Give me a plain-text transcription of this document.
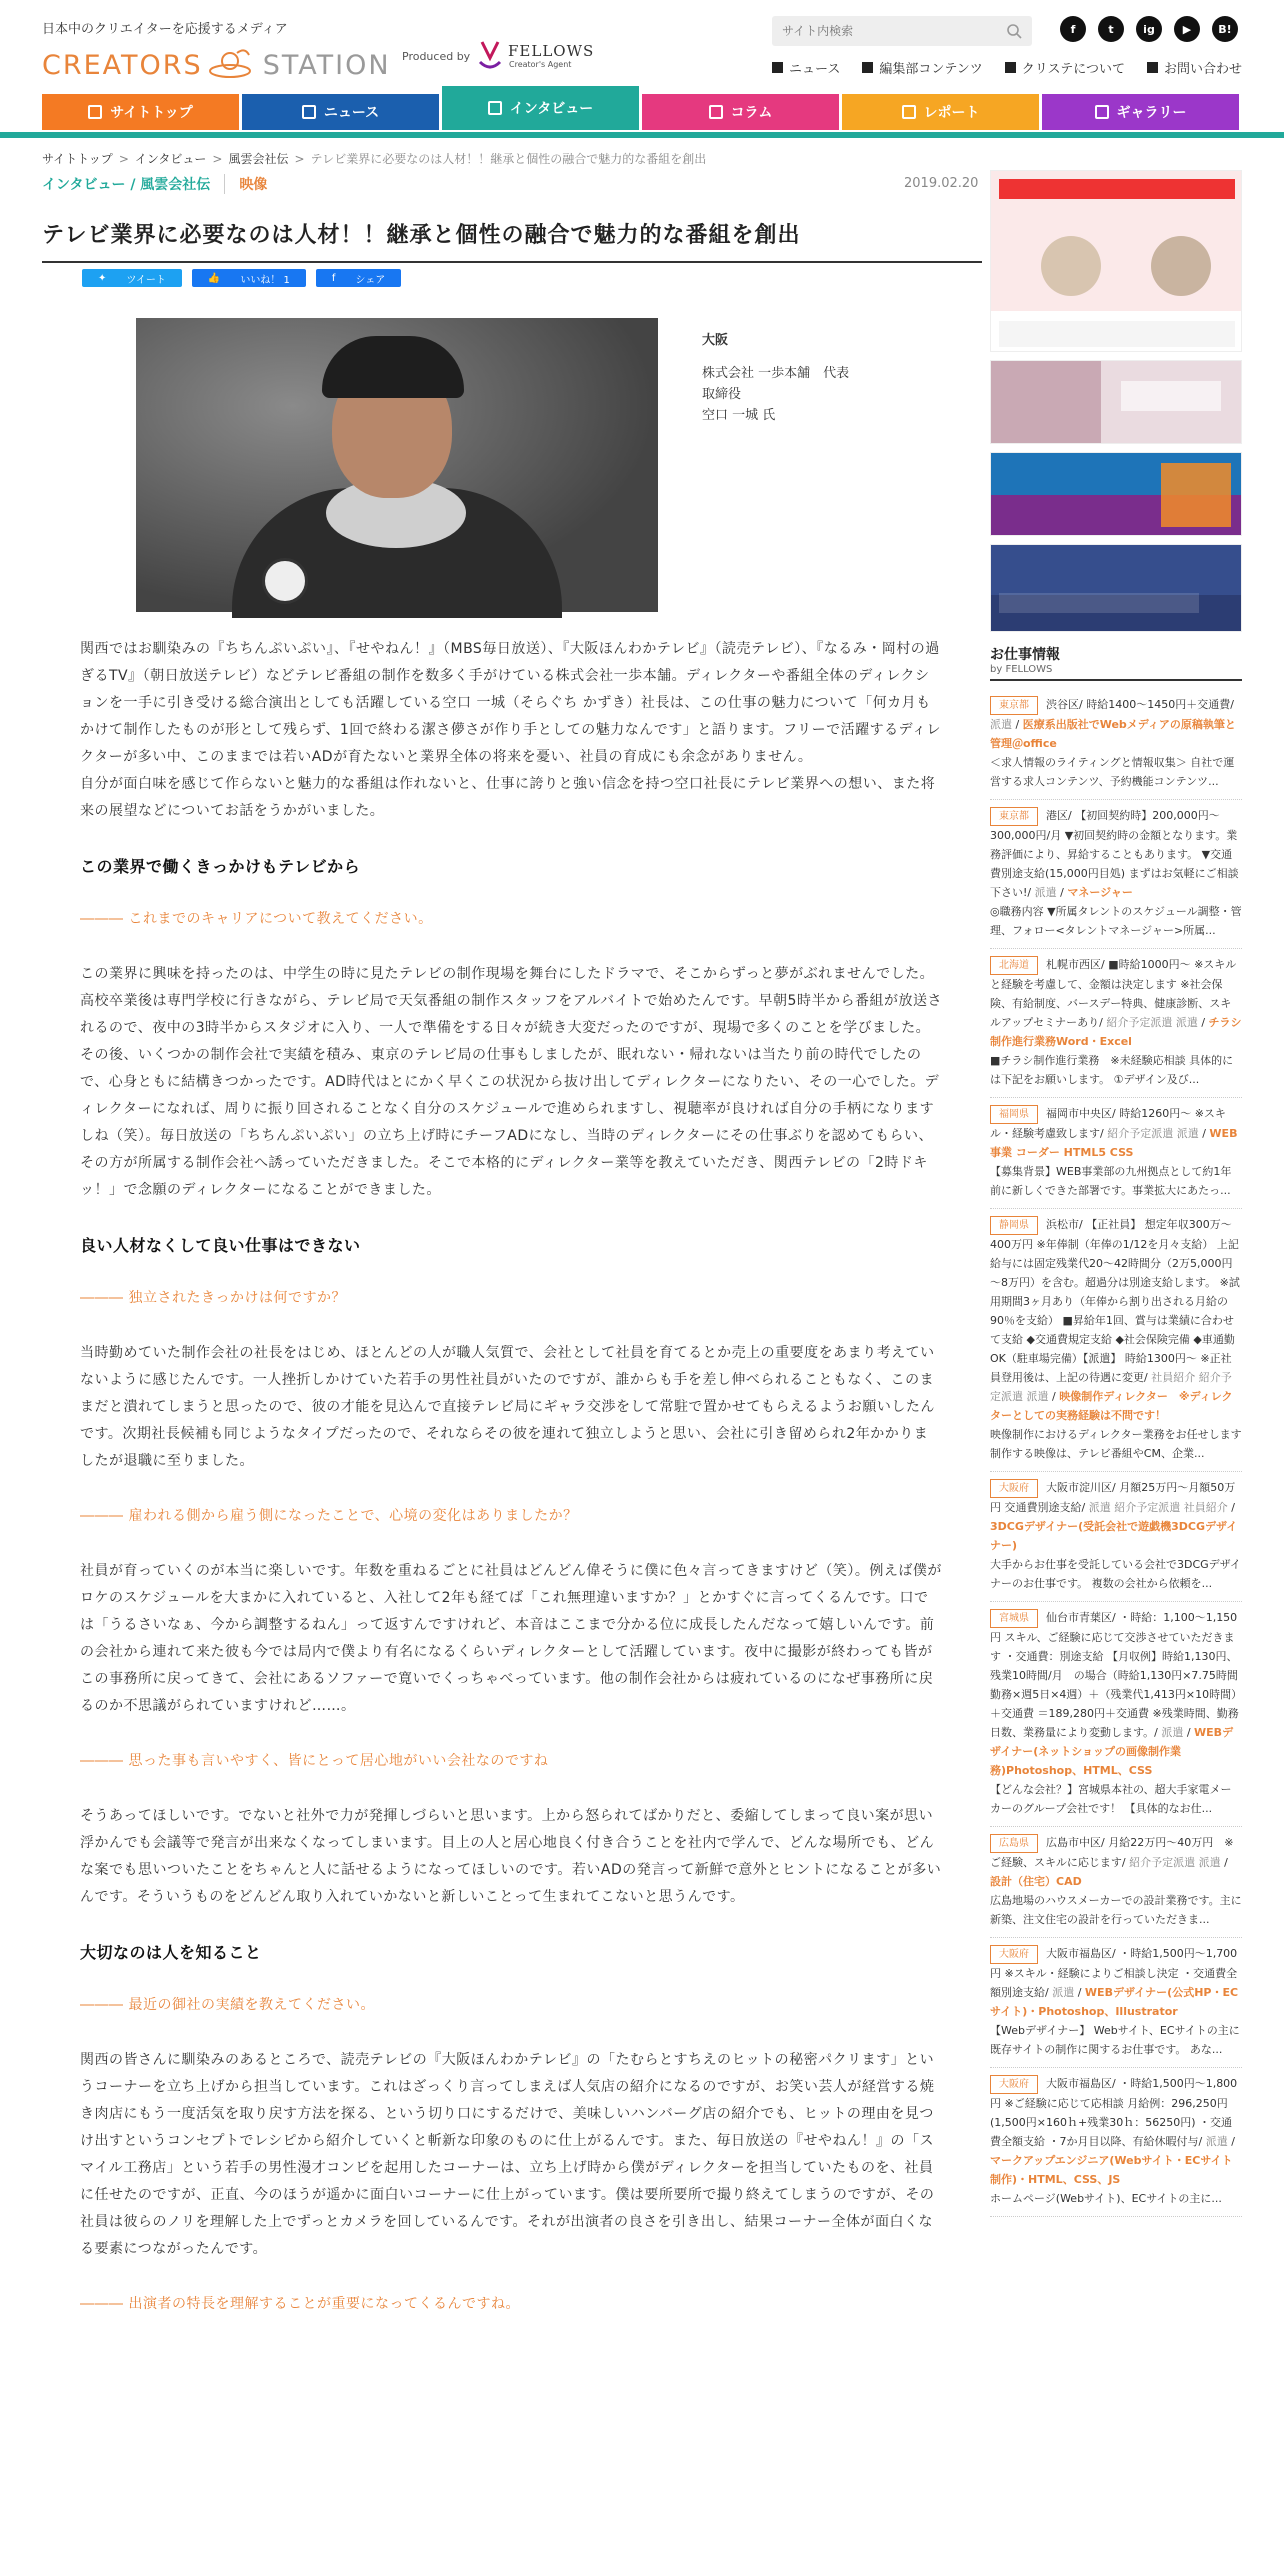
日本中のクリエイターを応援するメディア
CREATORS STATION Produced by	FELLOWS
Creator's Agent
サイト内検索
f	t	ig	▶	B!
ニュース	編集部コンテンツ	クリステについて	お問い合わせ
サイトトップ	ニュース	インタビュー	コラム	レポート	ギャラリー
サイトトップ > インタビュー > 風雲会社伝 > テレビ業界に必要なのは人材！！継承と個性の融合で魅力的な番組を創出
インタビュー / 風雲会社伝	映像	2019.02.20
テレビ業界に必要なのは人材！！継承と個性の融合で魅力的な番組を創出
✦	ツイート	👍	いいね！ 1	f	シェア
大阪
株式会社 一歩本舗　代表
取締役
空口 一城 氏

関西ではお馴染みの『ちちんぷいぷい』、『せやねん！』（MBS毎日放送）、『大阪ほんわかテレビ』（読売テレビ）、『なるみ・岡村の過ぎるTV』（朝日放送テレビ）などテレビ番組の制作を数多く手がけている株式会社一歩本舗。ディレクターや番組全体のディレクションを一手に引き受ける総合演出としても活躍している空口 一城（そらぐち かずき）社長は、この仕事の魅力について「何カ月もかけて制作したものが形として残らず、1回で終わる潔さ儚さが作り手としての魅力なんです」と語ります。フリーで活躍するディレクターが多い中、このままでは若いADが育たないと業界全体の将来を憂い、社員の育成にも余念がありません。

自分が面白味を感じて作らないと魅力的な番組は作れないと、仕事に誇りと強い信念を持つ空口社長にテレビ業界への想い、また将来の展望などについてお話をうかがいました。

この業界で働くきっかけもテレビから

――― これまでのキャリアについて教えてください。

この業界に興味を持ったのは、中学生の時に見たテレビの制作現場を舞台にしたドラマで、そこからずっと夢がぶれませんでした。高校卒業後は専門学校に行きながら、テレビ局で天気番組の制作スタッフをアルバイトで始めたんです。早朝5時半から番組が放送されるので、夜中の3時半からスタジオに入り、一人で準備をする日々が続き大変だったのですが、現場で多くのことを学びました。その後、いくつかの制作会社で実績を積み、東京のテレビ局の仕事もしましたが、眠れない・帰れないは当たり前の時代でしたので、心身ともに結構きつかったです。AD時代はとにかく早くこの状況から抜け出してディレクターになりたい、その一心でした。ディレクターになれば、周りに振り回されることなく自分のスケジュールで進められますし、視聴率が良ければ自分の手柄になりますしね（笑）。毎日放送の「ちちんぷいぷい」の立ち上げ時にチーフADになし、当時のディレクターにその仕事ぶりを認めてもらい、その方が所属する制作会社へ誘っていただきました。そこで本格的にディレクター業等を教えていただき、関西テレビの「2時ドキッ！」で念願のディレクターになることができました。

良い人材なくして良い仕事はできない

――― 独立されたきっかけは何ですか？

当時勤めていた制作会社の社長をはじめ、ほとんどの人が職人気質で、会社として社員を育てるとか売上の重要度をあまり考えていないように感じたんです。一人挫折しかけていた若手の男性社員がいたのですが、誰からも手を差し伸べられることもなく、このままだと潰れてしまうと思ったので、彼の才能を見込んで直接テレビ局にギャラ交渉をして常駐で置かせてもらえるようお願いしたんです。次期社長候補も同じようなタイプだったので、それならその彼を連れて独立しようと思い、会社に引き留められ2年かかりましたが退職に至りました。

――― 雇われる側から雇う側になったことで、心境の変化はありましたか？

社員が育っていくのが本当に楽しいです。年数を重ねるごとに社員はどんどん偉そうに僕に色々言ってきますけど（笑）。例えば僕がロケのスケジュールを大まかに入れていると、入社して2年も経てば「これ無理違いますか？」とかすぐに言ってくるんです。口では「うるさいなぁ、今から調整するねん」って返すんですけれど、本音はここまで分かる位に成長したんだなって嬉しいんです。前の会社から連れて来た彼も今では局内で僕より有名になるくらいディレクターとして活躍しています。夜中に撮影が終わっても皆がこの事務所に戻ってきて、会社にあるソファーで寛いでくっちゃべっています。他の制作会社からは疲れているのになぜ事務所に戻るのか不思議がられていますけれど……。

――― 思った事も言いやすく、皆にとって居心地がいい会社なのですね

そうあってほしいです。でないと社外で力が発揮しづらいと思います。上から怒られてばかりだと、委縮してしまって良い案が思い浮かんでも会議等で発言が出来なくなってしまいます。目上の人と居心地良く付き合うことを社内で学んで、どんな場所でも、どんな案でも思いついたことをちゃんと人に話せるようになってほしいのです。若いADの発言って新鮮で意外とヒントになることが多いんです。そういうものをどんどん取り入れていかないと新しいことって生まれてこないと思うんです。

大切なのは人を知ること

――― 最近の御社の実績を教えてください。

関西の皆さんに馴染みのあるところで、読売テレビの『大阪ほんわかテレビ』の「たむらとすちえのヒットの秘密パクリます」というコーナーを立ち上げから担当しています。これはざっくり言ってしまえば人気店の紹介になるのですが、お笑い芸人が経営する焼き肉店にもう一度活気を取り戻す方法を探る、という切り口にするだけで、美味しいハンバーグ店の紹介でも、ヒットの理由を見つけ出すというコンセプトでレシピから紹介していくと斬新な印象のものに仕上がるんです。また、毎日放送の『せやねん！』の「スマイル工務店」という若手の男性漫才コンビを起用したコーナーは、立ち上げ時から僕がディレクターを担当していたものを、社員に任せたのですが、正直、今のほうが遥かに面白いコーナーに仕上がっています。僕は要所要所で撮り終えてしまうのですが、その社員は彼らのノリを理解した上でずっとカメラを回しているんです。それが出演者の良さを引き出し、結果コーナー全体が面白くなる要素につながったんです。

――― 出演者の特長を理解することが重要になってくるんですね。

お仕事情報
by FELLOWS
東京都 渋谷区/ 時給1400～1450円＋交通費/ 派遣 / 医療系出版社でWebメディアの原稿執筆と管理＠office
＜求人情報のライティングと情報収集＞ 自社で運営する求人コンテンツ、予約機能コンテンツ...
東京都 港区/ 【初回契約時】200,000円～300,000円/月 ▼初回契約時の金額となります。業務評価により、昇給することもあります。 ▼交通費別途支給(15,000円目処) まずはお気軽にご相談下さい!/ 派遣 / マネージャー
◎職務内容 ▼所属タレントのスケジュール調整・管理、フォロー<タレントマネージャー>所属...
北海道 札幌市西区/ ■時給1000円～ ※スキルと経験を考慮して、金額は決定します ※社会保険、有給制度、バースデー特典、健康診断、スキルアップセミナーあり/ 紹介予定派遣 派遣 / チラシ制作進行業務Word・Excel
■チラシ制作進行業務　※未経験応相談 具体的には下記をお願いします。 ①デザイン及び...
福岡県 福岡市中央区/ 時給1260円～ ※スキル・経験考慮致します/ 紹介予定派遣 派遣 / WEB事業 コーダー HTML5 CSS
【募集背景】WEB事業部の九州拠点として約1年前に新しくできた部署です。事業拡大にあたっ...
静岡県 浜松市/ 【正社員】 想定年収300万～400万円 ※年俸制（年俸の1/12を月々支給） 上記給与には固定残業代20～42時間分（2万5,000円～8万円）を含む。超過分は別途支給します。 ※試用期間3ヶ月あり（年俸から割り出される月給の90％を支給） ■昇給年1回、賞与は業績に合わせて支給 ◆交通費規定支給 ◆社会保険完備 ◆車通勤OK（駐車場完備）【派遣】 時給1300円～ ※正社員登用後は、上記の待遇に変更/ 社員紹介 紹介予定派遣 派遣 / 映像制作ディレクター　※ディレクターとしての実務経験は不問です！
映像制作におけるディレクター業務をお任せします 制作する映像は、テレビ番組やCM、企業...
大阪府 大阪市淀川区/ 月額25万円～月額50万円 交通費別途支給/ 派遣 紹介予定派遣 社員紹介 / 3DCGデザイナー(受託会社で遊戯機3DCGデザイナー)
大手からお仕事を受託している会社で3DCGデザイナーのお仕事です。 複数の会社から依頼を...
宮城県 仙台市青葉区/ ・時給：1,100～1,150円 スキル、ご経験に応じて交渉させていただきます ・交通費：別途支給 【月収例】時給1,130円、残業10時間/月　の場合（時給1,130円×7.75時間勤務×週5日×4週）＋（残業代1,413円×10時間）＋交通費 ＝189,280円＋交通費 ※残業時間、勤務日数、業務量により変動します。/ 派遣 / WEBデザイナー(ネットショップの画像制作業務)Photoshop、HTML、CSS
【どんな会社？】宮城県本社の、超大手家電メーカーのグループ会社です！ 【具体的なお仕...
広島県 広島市中区/ 月給22万円～40万円　※ご経験、スキルに応じます/ 紹介予定派遣 派遣 / 設計（住宅）CAD
広島地場のハウスメーカーでの設計業務です。主に新築、注文住宅の設計を行っていただきま...
大阪府 大阪市福島区/ ・時給1,500円～1,700円 ※スキル・経験によりご相談し決定 ・交通費全額別途支給/ 派遣 / WEBデザイナー(公式HP・ECサイト)・Photoshop、Illustrator
【Webデザイナー】 Webサイト、ECサイトの主に既存サイトの制作に関するお仕事です。 あな...
大阪府 大阪市福島区/ ・時給1,500円～1,800円 ※ご経験に応じて応相談 月給例：296,250円(1,500円×160ｈ+残業30ｈ：56250円) ・交通費全額支給 ・7か月目以降、有給休暇付与/ 派遣 / マークアップエンジニア(Webサイト・ECサイト制作)・HTML、CSS、JS
ホームページ(Webサイト)、ECサイトの主に...
